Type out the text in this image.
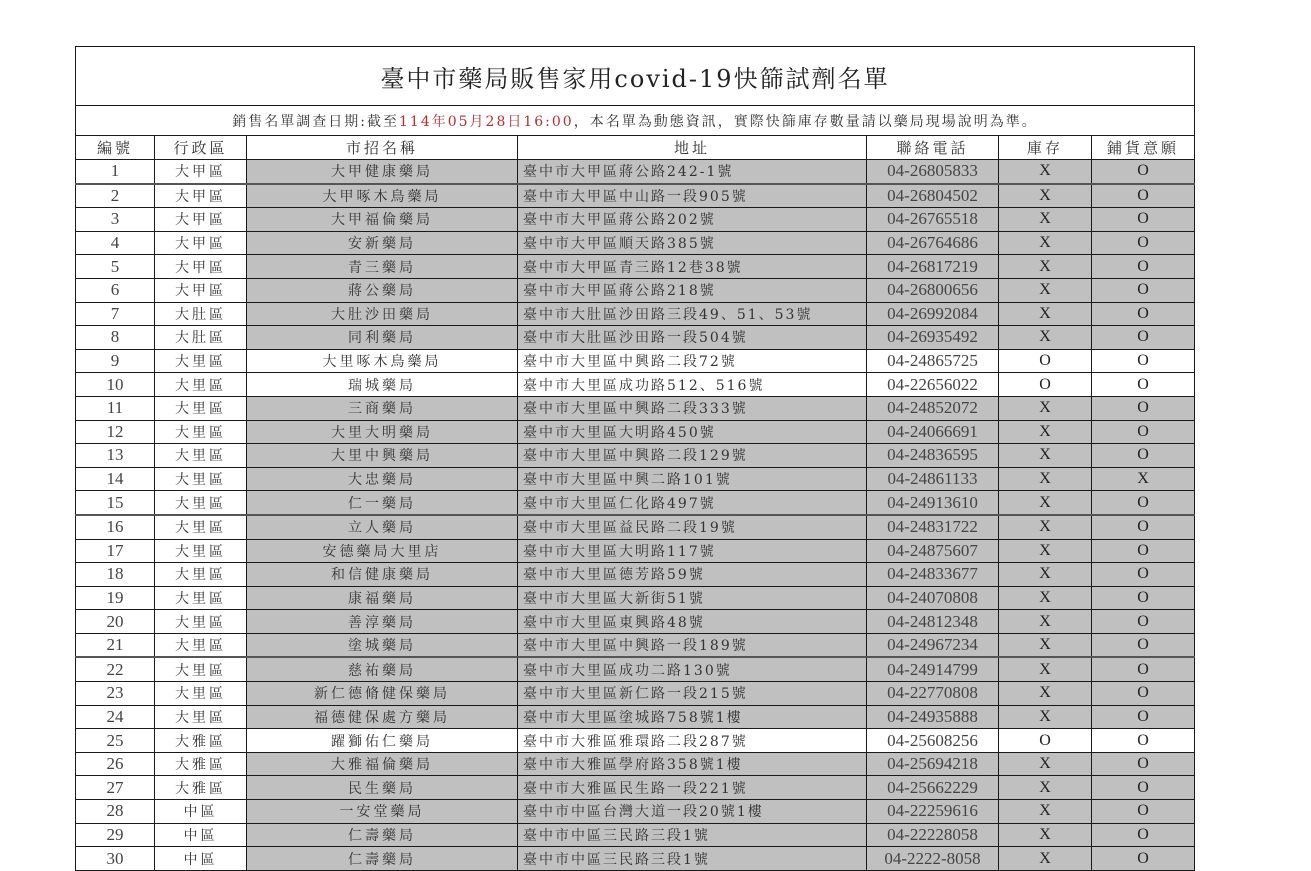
臺中市藥局販售家用covid-19快篩試劑名單						
銷售名單調查日期:截至114年05月28日16:00，本名單為動態資訊，實際快篩庫存數量請以藥局現場說明為準。						
編號	行政區	市招名稱	地址	聯絡電話	庫存	鋪貨意願
1	大甲區	大甲健康藥局	臺中市大甲區蔣公路242-1號	04-26805833	X	O
2	大甲區	大甲啄木鳥藥局	臺中市大甲區中山路一段905號	04-26804502	X	O
3	大甲區	大甲福倫藥局	臺中市大甲區蔣公路202號	04-26765518	X	O
4	大甲區	安新藥局	臺中市大甲區順天路385號	04-26764686	X	O
5	大甲區	青三藥局	臺中市大甲區青三路12巷38號	04-26817219	X	O
6	大甲區	蔣公藥局	臺中市大甲區蔣公路218號	04-26800656	X	O
7	大肚區	大肚沙田藥局	臺中市大肚區沙田路三段49、51、53號	04-26992084	X	O
8	大肚區	同利藥局	臺中市大肚區沙田路一段504號	04-26935492	X	O
9	大里區	大里啄木鳥藥局	臺中市大里區中興路二段72號	04-24865725	O	O
10	大里區	瑞城藥局	臺中市大里區成功路512、516號	04-22656022	O	O
11	大里區	三商藥局	臺中市大里區中興路二段333號	04-24852072	X	O
12	大里區	大里大明藥局	臺中市大里區大明路450號	04-24066691	X	O
13	大里區	大里中興藥局	臺中市大里區中興路二段129號	04-24836595	X	O
14	大里區	大忠藥局	臺中市大里區中興二路101號	04-24861133	X	X
15	大里區	仁一藥局	臺中市大里區仁化路497號	04-24913610	X	O
16	大里區	立人藥局	臺中市大里區益民路二段19號	04-24831722	X	O
17	大里區	安德藥局大里店	臺中市大里區大明路117號	04-24875607	X	O
18	大里區	和信健康藥局	臺中市大里區德芳路59號	04-24833677	X	O
19	大里區	康福藥局	臺中市大里區大新街51號	04-24070808	X	O
20	大里區	善淳藥局	臺中市大里區東興路48號	04-24812348	X	O
21	大里區	塗城藥局	臺中市大里區中興路一段189號	04-24967234	X	O
22	大里區	慈祐藥局	臺中市大里區成功二路130號	04-24914799	X	O
23	大里區	新仁德脩健保藥局	臺中市大里區新仁路一段215號	04-22770808	X	O
24	大里區	福德健保處方藥局	臺中市大里區塗城路758號1樓	04-24935888	X	O
25	大雅區	躍獅佑仁藥局	臺中市大雅區雅環路二段287號	04-25608256	O	O
26	大雅區	大雅福倫藥局	臺中市大雅區學府路358號1樓	04-25694218	X	O
27	大雅區	民生藥局	臺中市大雅區民生路一段221號	04-25662229	X	O
28	中區	一安堂藥局	臺中市中區台灣大道一段20號1樓	04-22259616	X	O
29	中區	仁壽藥局	臺中市中區三民路三段1號	04-22228058	X	O
30	中區	仁壽藥局	臺中市中區三民路三段1號	04-2222-8058	X	O
